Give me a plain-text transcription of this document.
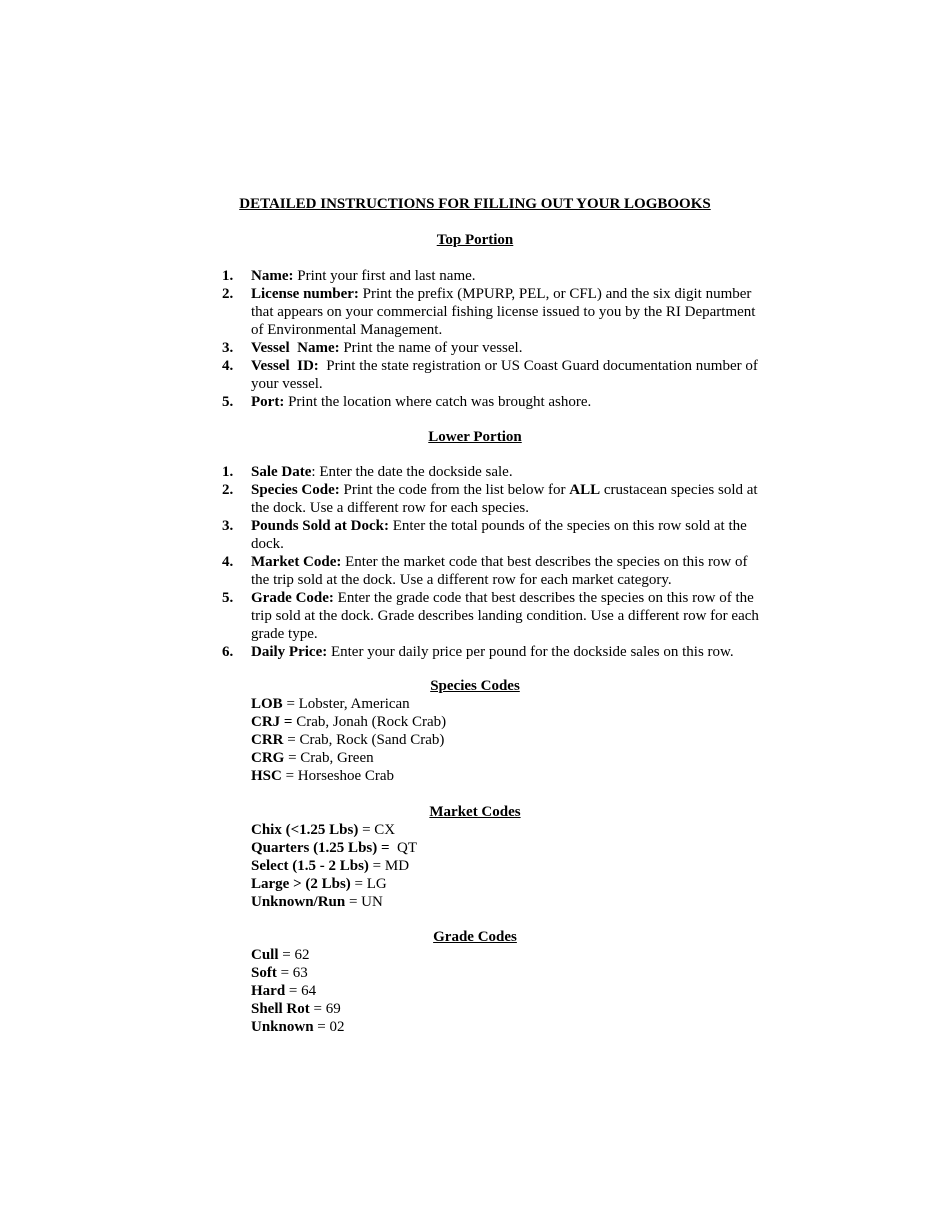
DETAILED INSTRUCTIONS FOR FILLING OUT YOUR LOGBOOKS
Top Portion
1. Name: Print your first and last name.
2. License number: Print the prefix (MPURP, PEL, or CFL) and the six digit number that appears on your commercial fishing license issued to you by the RI Department of Environmental Management.
3. Vessel  Name: Print the name of your vessel.
4. Vessel  ID:  Print the state registration or US Coast Guard documentation number of your vessel.
5. Port: Print the location where catch was brought ashore.
Lower Portion
1. Sale Date: Enter the date the dockside sale.
2. Species Code: Print the code from the list below for ALL crustacean species sold at the dock. Use a different row for each species.
3. Pounds Sold at Dock: Enter the total pounds of the species on this row sold at the dock.
4. Market Code: Enter the market code that best describes the species on this row of the trip sold at the dock. Use a different row for each market category.
5. Grade Code: Enter the grade code that best describes the species on this row of the trip sold at the dock. Grade describes landing condition. Use a different row for each grade type.
6. Daily Price: Enter your daily price per pound for the dockside sales on this row.
Species Codes
LOB = Lobster, American
CRJ = Crab, Jonah (Rock Crab)
CRR = Crab, Rock (Sand Crab)
CRG = Crab, Green
HSC = Horseshoe Crab
Market Codes
Chix (<1.25 Lbs) = CX
Quarters (1.25 Lbs) =  QT
Select (1.5 - 2 Lbs) = MD
Large > (2 Lbs) = LG
Unknown/Run = UN
Grade Codes
Cull = 62
Soft = 63
Hard = 64
Shell Rot = 69
Unknown = 02
